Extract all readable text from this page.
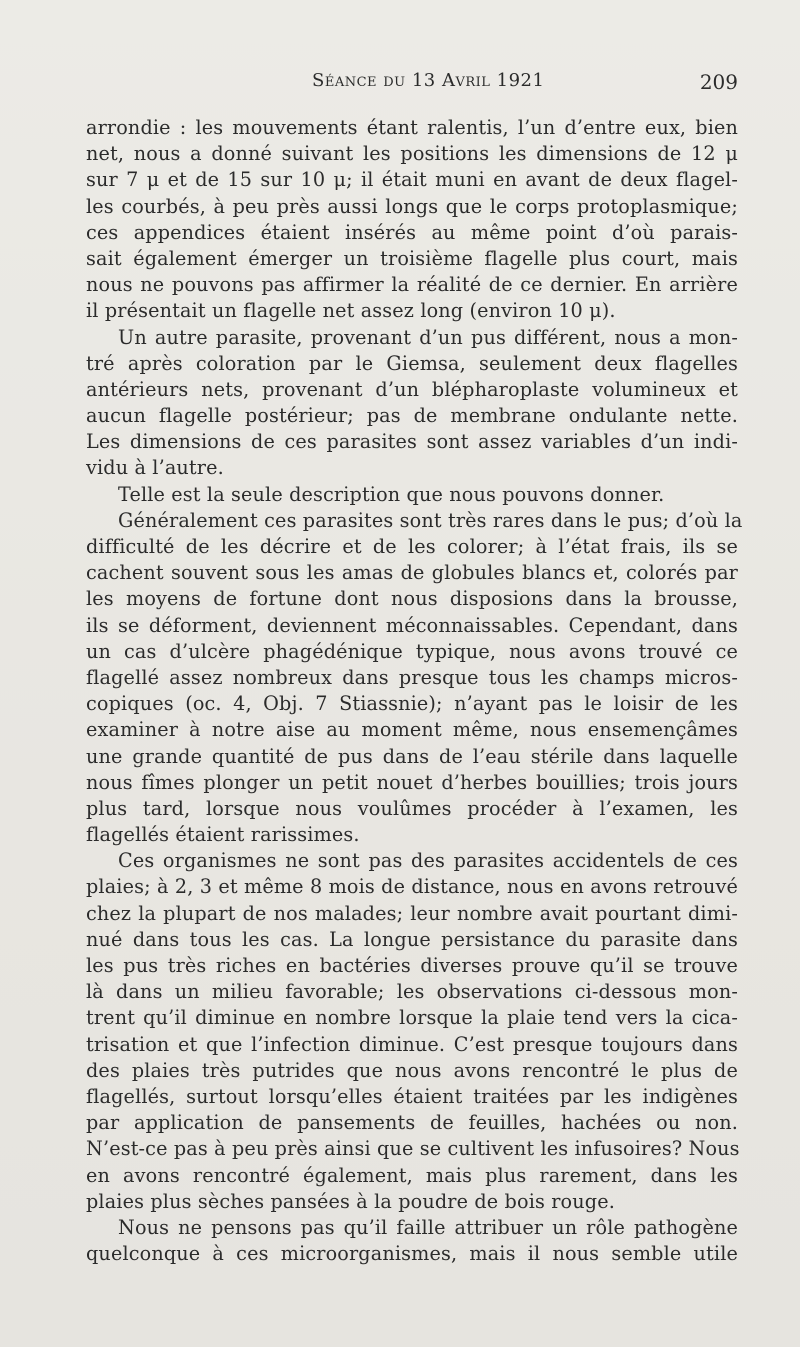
Séance du 13 Avril 1921	209
arrondie : les mouvements étant ralentis, l’un d’entre eux, bien
net, nous a donné suivant les positions les dimensions de 12 μ
sur 7 μ et de 15 sur 10 μ; il était muni en avant de deux flagel-
les courbés, à peu près aussi longs que le corps protoplasmique;
ces appendices étaient insérés au même point d’où parais-
sait également émerger un troisième flagelle plus court, mais
nous ne pouvons pas affirmer la réalité de ce dernier. En arrière
il présentait un flagelle net assez long (environ 10 μ).
Un autre parasite, provenant d’un pus différent, nous a mon-
tré après coloration par le Giemsa, seulement deux flagelles
antérieurs nets, provenant d’un blépharoplaste volumineux et
aucun flagelle postérieur; pas de membrane ondulante nette.
Les dimensions de ces parasites sont assez variables d’un indi-
vidu à l’autre.
Telle est la seule description que nous pouvons donner.
Généralement ces parasites sont très rares dans le pus; d’où la
difficulté de les décrire et de les colorer; à l’état frais, ils se
cachent souvent sous les amas de globules blancs et, colorés par
les moyens de fortune dont nous disposions dans la brousse,
ils se déforment, deviennent méconnaissables. Cependant, dans
un cas d’ulcère phagédénique typique, nous avons trouvé ce
flagellé assez nombreux dans presque tous les champs micros-
copiques (oc. 4, Obj. 7 Stiassnie); n’ayant pas le loisir de les
examiner à notre aise au moment même, nous ensemençâmes
une grande quantité de pus dans de l’eau stérile dans laquelle
nous fîmes plonger un petit nouet d’herbes bouillies; trois jours
plus tard, lorsque nous voulûmes procéder à l’examen, les
flagellés étaient rarissimes.
Ces organismes ne sont pas des parasites accidentels de ces
plaies; à 2, 3 et même 8 mois de distance, nous en avons retrouvé
chez la plupart de nos malades; leur nombre avait pourtant dimi-
nué dans tous les cas. La longue persistance du parasite dans
les pus très riches en bactéries diverses prouve qu’il se trouve
là dans un milieu favorable; les observations ci-dessous mon-
trent qu’il diminue en nombre lorsque la plaie tend vers la cica-
trisation et que l’infection diminue. C’est presque toujours dans
des plaies très putrides que nous avons rencontré le plus de
flagellés, surtout lorsqu’elles étaient traitées par les indigènes
par application de pansements de feuilles, hachées ou non.
N’est-ce pas à peu près ainsi que se cultivent les infusoires? Nous
en avons rencontré également, mais plus rarement, dans les
plaies plus sèches pansées à la poudre de bois rouge.
Nous ne pensons pas qu’il faille attribuer un rôle pathogène
quelconque à ces microorganismes, mais il nous semble utile
